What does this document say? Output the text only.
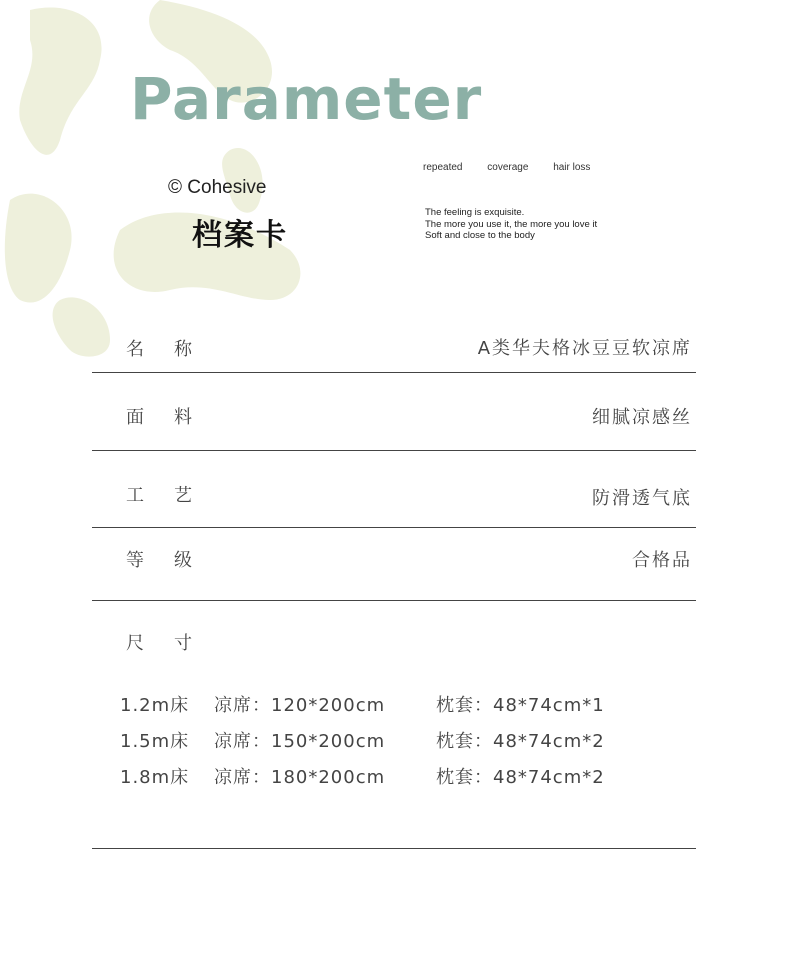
Parameter
© Cohesive
档案卡
repeated coverage hair loss
The feeling is exquisite.
The more you use it, the more you love it
Soft and close to the body
名称	A类华夫格冰豆豆软凉席
面料	细腻凉感丝
工艺	防滑透气底
等级	合格品
尺寸
1.2m床 凉席：120*200cm	枕套：48*74cm*1
1.5m床 凉席：150*200cm	枕套：48*74cm*2
1.8m床 凉席：180*200cm	枕套：48*74cm*2
